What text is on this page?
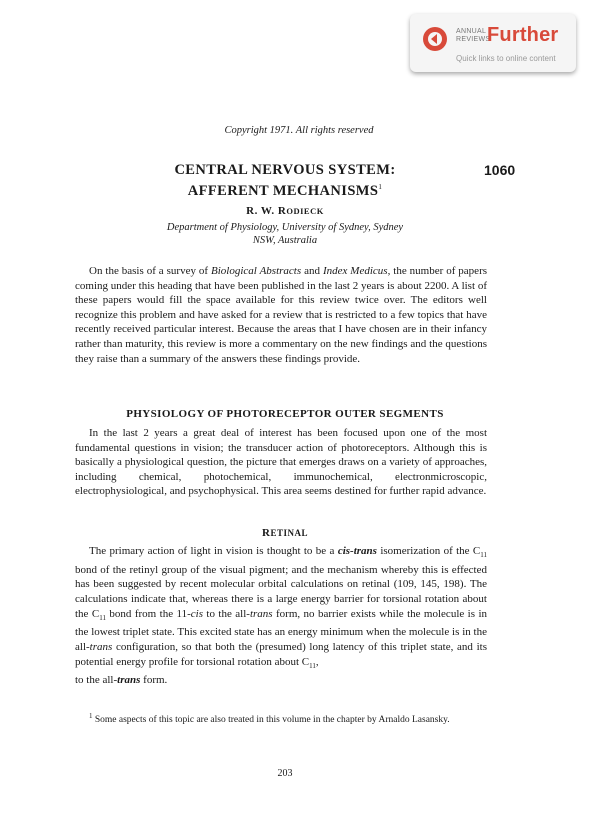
ANNUAL
REVIEWS
Further
Quick links to online content
Copyright 1971. All rights reserved
CENTRAL NERVOUS SYSTEM:
AFFERENT MECHANISMS$^1$
1060
R. W. RODIECK
Department of Physiology, University of Sydney, Sydney
NSW, Australia

On the basis of a survey of Biological Abstracts and Index Medicus, the number of papers coming under this heading that have been published in the last 2 years is about 2200. A list of these papers would fill the space available for this review twice over. The editors well recognize this problem and have asked for a review that is restricted to a few topics that have recently received particular interest. Because the areas that I have chosen are in their infancy rather than maturity, this review is more a commentary on the new findings and the questions they raise than a summary of the answers these findings provide.

PHYSIOLOGY OF PHOTORECEPTOR OUTER SEGMENTS

In the last 2 years a great deal of interest has been focused upon one of the most fundamental questions in vision; the transducer action of photoreceptors. Although this is basically a physiological question, the picture that emerges draws on a variety of approaches, including chemical, photochemical, immunochemical, electronmicroscopic, electrophysiological, and psychophysical. This area seems destined for further rapid advance.

RETINAL

The primary action of light in vision is thought to be a cis-trans isomerization of the $C_{11}$ bond of the retinyl group of the visual pigment; and the mechanism whereby this is effected has been suggested by recent molecular orbital calculations on retinal (109, 145, 198). The calculations indicate that, whereas there is a large energy barrier for torsional rotation about the $C_{11}$ bond from the 11-cis to the all-trans form, no barrier exists while the molecule is in the lowest triplet state. This excited state has an energy minimum when the molecule is in the all-trans configuration, so that both the (presumed) long latency of this triplet state, and its potential energy profile for torsional rotation about $C_{11}$,

to the all-trans form.

$^1$ Some aspects of this topic are also treated in this volume in the chapter by Arnaldo Lasansky.

203
